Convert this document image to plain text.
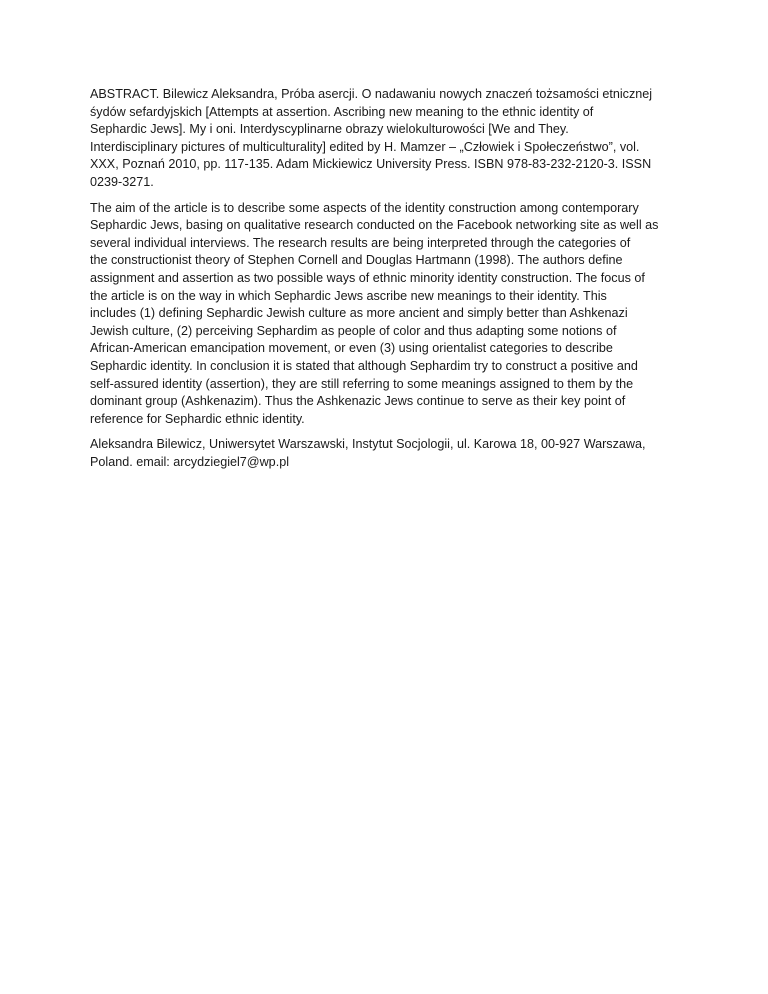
ABSTRACT. Bilewicz Aleksandra, Próba asercji. O nadawaniu nowych znaczeń tożsamości etnicznej
śydów sefardyjskich [Attempts at assertion. Ascribing new meaning to the ethnic identity of
Sephardic Jews]. My i oni. Interdyscyplinarne obrazy wielokulturowości [We and They.
Interdisciplinary pictures of multiculturality] edited by H. Mamzer – „Człowiek i Społeczeństwo”, vol.
XXX, Poznań 2010, pp. 117-135. Adam Mickiewicz University Press. ISBN 978-83-232-2120-3. ISSN
0239-3271.

The aim of the article is to describe some aspects of the identity construction among contemporary
Sephardic Jews, basing on qualitative research conducted on the Facebook networking site as well as
several individual interviews. The research results are being interpreted through the categories of
the constructionist theory of Stephen Cornell and Douglas Hartmann (1998). The authors define
assignment and assertion as two possible ways of ethnic minority identity construction. The focus of
the article is on the way in which Sephardic Jews ascribe new meanings to their identity. This
includes (1) defining Sephardic Jewish culture as more ancient and simply better than Ashkenazi
Jewish culture, (2) perceiving Sephardim as people of color and thus adapting some notions of
African-American emancipation movement, or even (3) using orientalist categories to describe
Sephardic identity. In conclusion it is stated that although Sephardim try to construct a positive and
self-assured identity (assertion), they are still referring to some meanings assigned to them by the
dominant group (Ashkenazim). Thus the Ashkenazic Jews continue to serve as their key point of
reference for Sephardic ethnic identity.

Aleksandra Bilewicz, Uniwersytet Warszawski, Instytut Socjologii, ul. Karowa 18, 00-927 Warszawa,
Poland. email: arcydziegiel7@wp.pl
